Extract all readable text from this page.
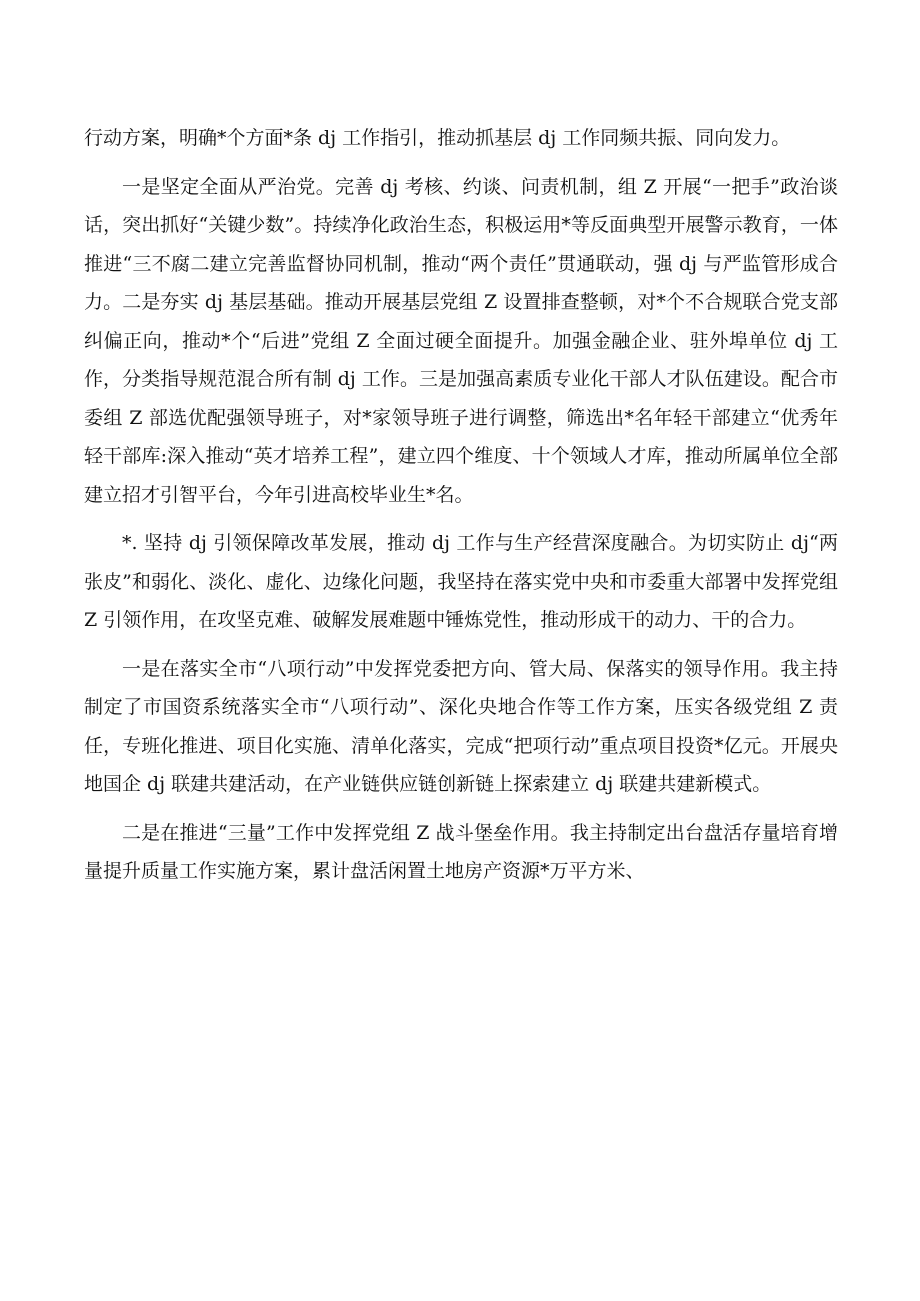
行动方案，明确*个方面*条 dj 工作指引，推动抓基层 dj 工作同频共振、同向发力。

一是坚定全面从严治党。完善 dj 考核、约谈、问责机制，组 Z 开展“一把手”政治谈话，突出抓好“关键少数”。持续净化政治生态，积极运用*等反面典型开展警示教育，一体推进“三不腐二建立完善监督协同机制，推动“两个责任”贯通联动，强 dj 与严监管形成合力。二是夯实 dj 基层基础。推动开展基层党组 Z 设置排查整顿，对*个不合规联合党支部纠偏正向，推动*个“后进”党组 Z 全面过硬全面提升。加强金融企业、驻外埠单位 dj 工作，分类指导规范混合所有制 dj 工作。三是加强高素质专业化干部人才队伍建设。配合市委组 Z 部选优配强领导班子，对*家领导班子进行调整，筛选出*名年轻干部建立“优秀年轻干部库:深入推动“英才培养工程”，建立四个维度、十个领域人才库，推动所属单位全部建立招才引智平台，今年引进高校毕业生*名。

*. 坚持 dj 引领保障改革发展，推动 dj 工作与生产经营深度融合。为切实防止 dj“两张皮”和弱化、淡化、虚化、边缘化问题，我坚持在落实党中央和市委重大部署中发挥党组 Z 引领作用，在攻坚克难、破解发展难题中锤炼党性，推动形成干的动力、干的合力。

一是在落实全市“八项行动”中发挥党委把方向、管大局、保落实的领导作用。我主持制定了市国资系统落实全市“八项行动”、深化央地合作等工作方案，压实各级党组 Z 责任，专班化推进、项目化实施、清单化落实，完成“把项行动”重点项目投资*亿元。开展央地国企 dj 联建共建活动，在产业链供应链创新链上探索建立 dj 联建共建新模式。

二是在推进“三量”工作中发挥党组 Z 战斗堡垒作用。我主持制定出台盘活存量培育增量提升质量工作实施方案，累计盘活闲置土地房产资源*万平方米、
